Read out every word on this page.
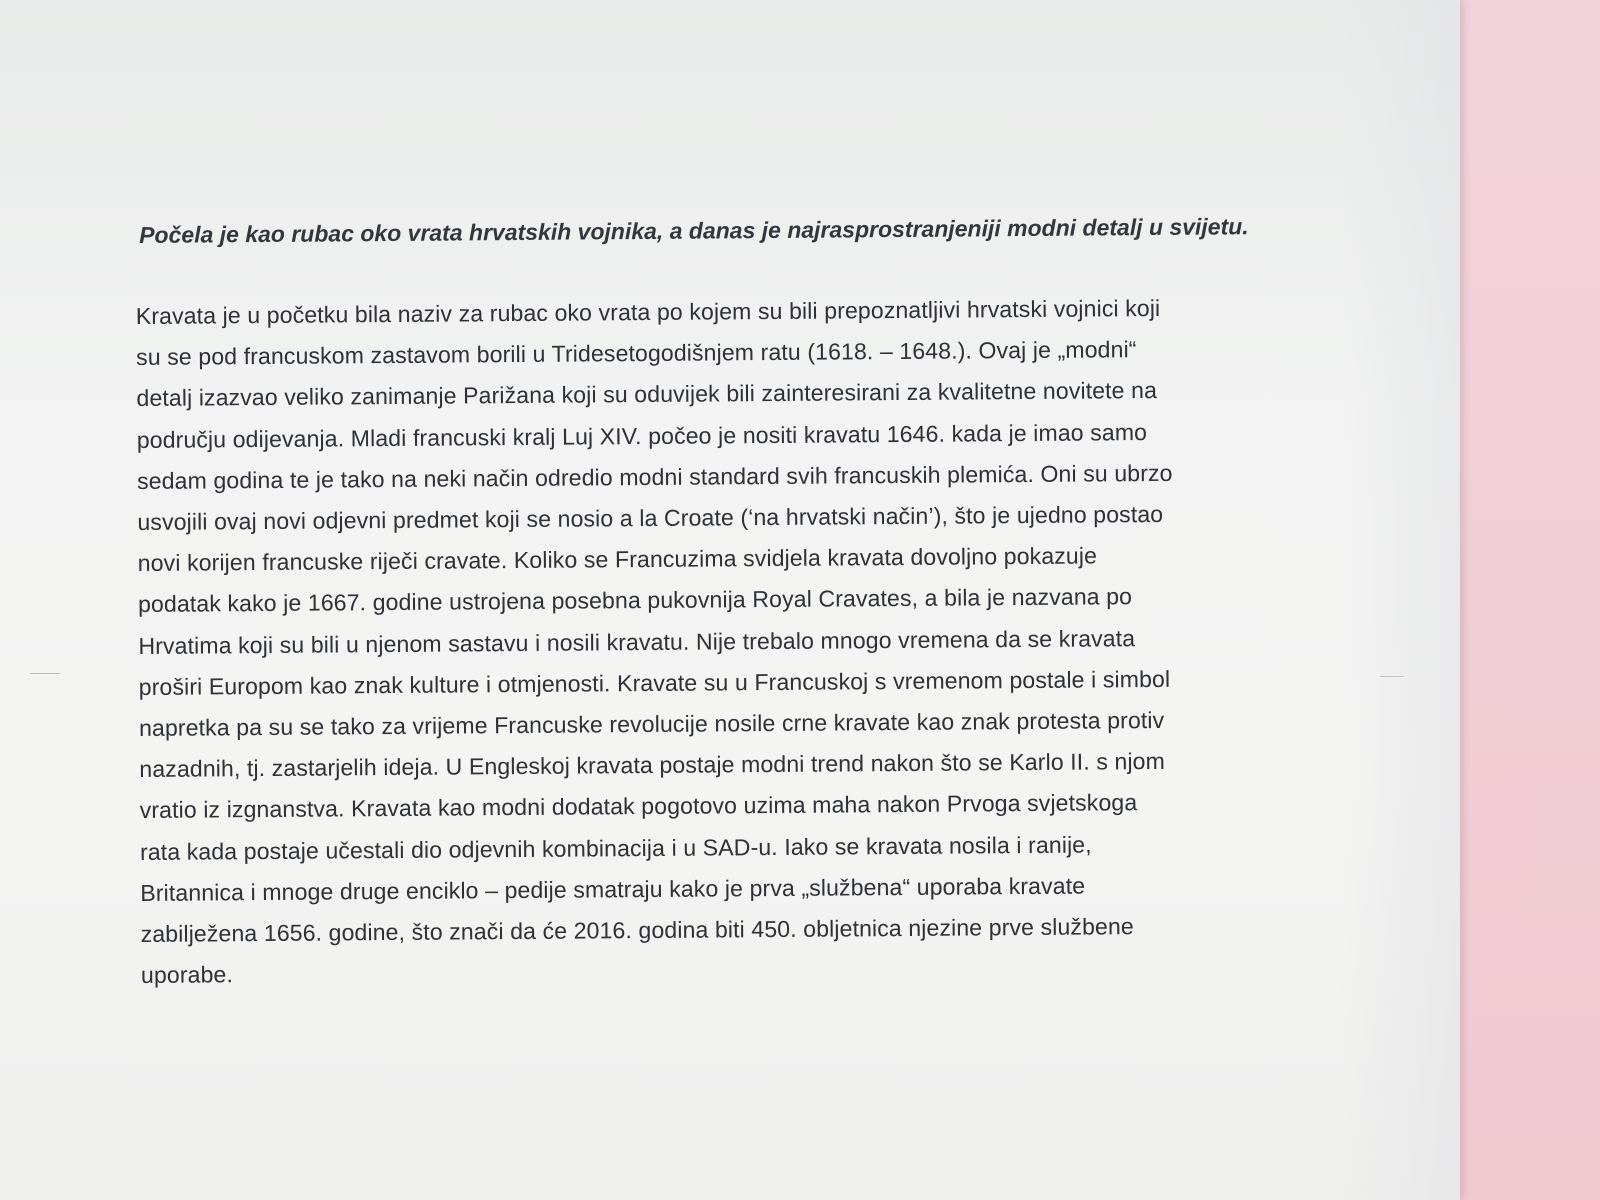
Počela je kao rubac oko vrata hrvatskih vojnika, a danas je najrasprostranjeniji modni detalj u svijetu.

Kravata je u početku bila naziv za rubac oko vrata po kojem su bili prepoznatljivi hrvatski vojnici koji
su se pod francuskom zastavom borili u Tridesetogodišnjem ratu (1618. – 1648.). Ovaj je „modni“
detalj izazvao veliko zanimanje Parižana koji su oduvijek bili zainteresirani za kvalitetne novitete na
području odijevanja. Mladi francuski kralj Luj XIV. počeo je nositi kravatu 1646. kada je imao samo
sedam godina te je tako na neki način odredio modni standard svih francuskih plemića. Oni su ubrzo
usvojili ovaj novi odjevni predmet koji se nosio a la Croate (‘na hrvatski način’), što je ujedno postao
novi korijen francuske riječi cravate. Koliko se Francuzima svidjela kravata dovoljno pokazuje
podatak kako je 1667. godine ustrojena posebna pukovnija Royal Cravates, a bila je nazvana po
Hrvatima koji su bili u njenom sastavu i nosili kravatu. Nije trebalo mnogo vremena da se kravata
proširi Europom kao znak kulture i otmjenosti. Kravate su u Francuskoj s vremenom postale i simbol
napretka pa su se tako za vrijeme Francuske revolucije nosile crne kravate kao znak protesta protiv
nazadnih, tj. zastarjelih ideja. U Engleskoj kravata postaje modni trend nakon što se Karlo II. s njom
vratio iz izgnanstva. Kravata kao modni dodatak pogotovo uzima maha nakon Prvoga svjetskoga
rata kada postaje učestali dio odjevnih kombinacija i u SAD-u. Iako se kravata nosila i ranije,
Britannica i mnoge druge enciklo – pedije smatraju kako je prva „službena“ uporaba kravate
zabilježena 1656. godine, što znači da će 2016. godina biti 450. obljetnica njezine prve službene
uporabe.
